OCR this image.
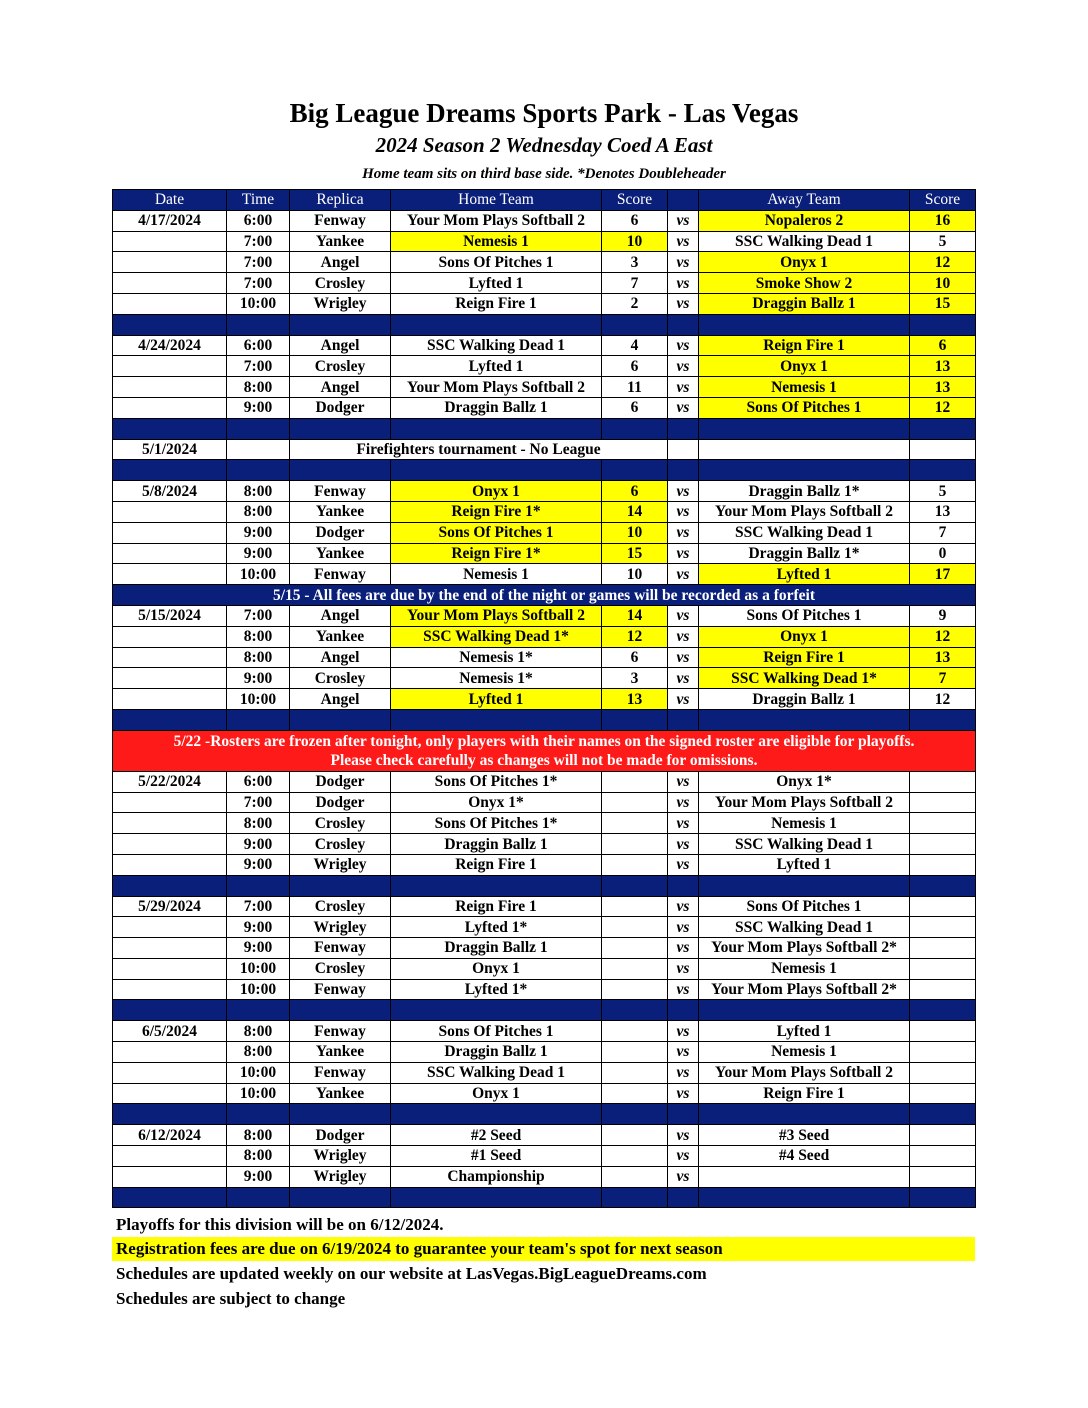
Big League Dreams Sports Park - Las Vegas
2024 Season 2 Wednesday Coed A East
Home team sits on third base side. *Denotes Doubleheader
Date	Time	Replica	Home Team	Score		Away Team	Score
4/17/2024	6:00	Fenway	Your Mom Plays Softball 2	6	vs	Nopaleros 2	16
	7:00	Yankee	Nemesis 1	10	vs	SSC Walking Dead 1	5
	7:00	Angel	Sons Of Pitches 1	3	vs	Onyx 1	12
	7:00	Crosley	Lyfted 1	7	vs	Smoke Show 2	10
	10:00	Wrigley	Reign Fire 1	2	vs	Draggin Ballz 1	15

4/24/2024	6:00	Angel	SSC Walking Dead 1	4	vs	Reign Fire 1	6
	7:00	Crosley	Lyfted 1	6	vs	Onyx 1	13
	8:00	Angel	Your Mom Plays Softball 2	11	vs	Nemesis 1	13
	9:00	Dodger	Draggin Ballz 1	6	vs	Sons Of Pitches 1	12

5/1/2024		Firefighters tournament - No League					

5/8/2024	8:00	Fenway	Onyx 1	6	vs	Draggin Ballz 1*	5
	8:00	Yankee	Reign Fire 1*	14	vs	Your Mom Plays Softball 2	13
	9:00	Dodger	Sons Of Pitches 1	10	vs	SSC Walking Dead 1	7
	9:00	Yankee	Reign Fire 1*	15	vs	Draggin Ballz 1*	0
	10:00	Fenway	Nemesis 1	10	vs	Lyfted 1	17
5/15 - All fees are due by the end of the night or games will be recorded as a forfeit							
5/15/2024	7:00	Angel	Your Mom Plays Softball 2	14	vs	Sons Of Pitches 1	9
	8:00	Yankee	SSC Walking Dead 1*	12	vs	Onyx 1	12
	8:00	Angel	Nemesis 1*	6	vs	Reign Fire 1	13
	9:00	Crosley	Nemesis 1*	3	vs	SSC Walking Dead 1*	7
	10:00	Angel	Lyfted 1	13	vs	Draggin Ballz 1	12

5/22 -Rosters are frozen after tonight, only players with their names on the signed roster are eligible for playoffs.
Please check carefully as changes will not be made for omissions.							

5/22/2024	6:00	Dodger	Sons Of Pitches 1*		vs	Onyx 1*	
	7:00	Dodger	Onyx 1*		vs	Your Mom Plays Softball 2	
	8:00	Crosley	Sons Of Pitches 1*		vs	Nemesis 1	
	9:00	Crosley	Draggin Ballz 1		vs	SSC Walking Dead 1	
	9:00	Wrigley	Reign Fire 1		vs	Lyfted 1	

5/29/2024	7:00	Crosley	Reign Fire 1		vs	Sons Of Pitches 1	
	9:00	Wrigley	Lyfted 1*		vs	SSC Walking Dead 1	
	9:00	Fenway	Draggin Ballz 1		vs	Your Mom Plays Softball 2*	
	10:00	Crosley	Onyx 1		vs	Nemesis 1	
	10:00	Fenway	Lyfted 1*		vs	Your Mom Plays Softball 2*	

6/5/2024	8:00	Fenway	Sons Of Pitches 1		vs	Lyfted 1	
	8:00	Yankee	Draggin Ballz 1		vs	Nemesis 1	
	10:00	Fenway	SSC Walking Dead 1		vs	Your Mom Plays Softball 2	
	10:00	Yankee	Onyx 1		vs	Reign Fire 1	

6/12/2024	8:00	Dodger	#2 Seed		vs	#3 Seed	
	8:00	Wrigley	#1 Seed		vs	#4 Seed	
	9:00	Wrigley	Championship		vs		

Playoffs for this division will be on 6/12/2024.
Registration fees are due on 6/19/2024 to guarantee your team's spot for next season
Schedules are updated weekly on our website at LasVegas.BigLeagueDreams.com
Schedules are subject to change
